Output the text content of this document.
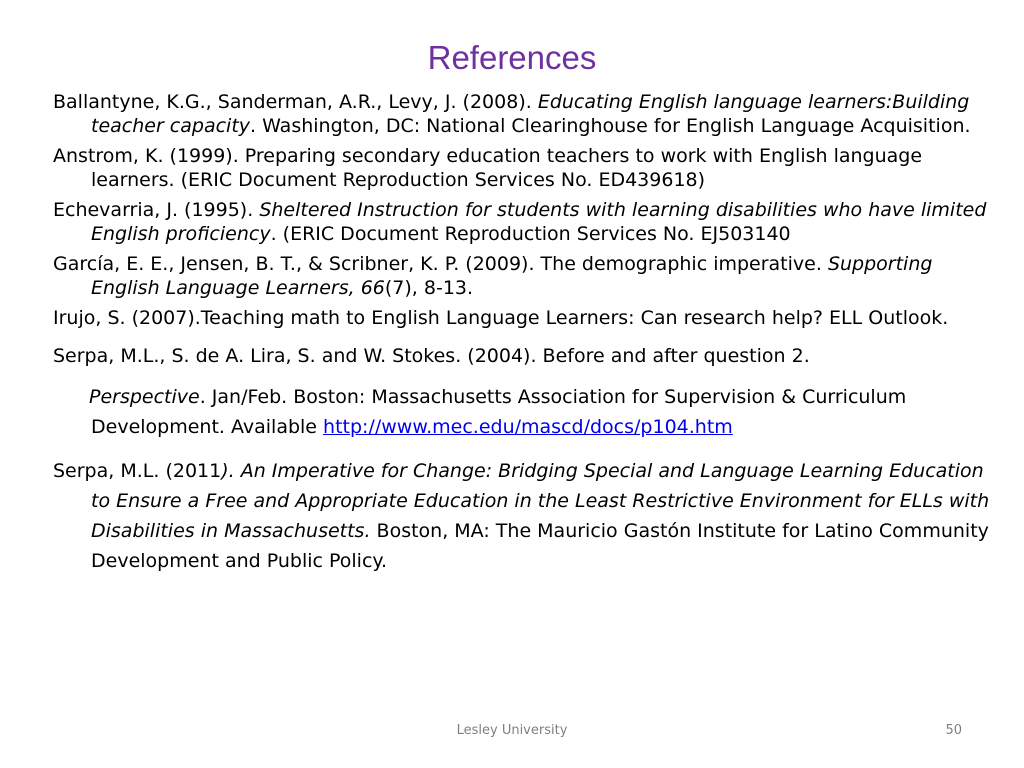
References

Ballantyne, K.G., Sanderman, A.R., Levy, J. (2008). Educating English language learners:Building teacher capacity. Washington, DC: National Clearinghouse for English Language Acquisition.

Anstrom, K. (1999). Preparing secondary education teachers to work with English language learners. (ERIC Document Reproduction Services No. ED439618)

Echevarria, J. (1995). Sheltered Instruction for students with learning disabilities who have limited English proficiency. (ERIC Document Reproduction Services No. EJ503140

García, E. E., Jensen, B. T., & Scribner, K. P. (2009). The demographic imperative. Supporting English Language Learners, 66(7), 8-13.

Irujo, S. (2007).Teaching math to English Language Learners: Can research help? ELL Outlook.

Serpa, M.L., S. de A. Lira, S. and W. Stokes. (2004). Before and after question 2.

Perspective. Jan/Feb. Boston: Massachusetts Association for Supervision & Curriculum Development. Available http://www.mec.edu/mascd/docs/p104.htm

Serpa, M.L. (2011). An Imperative for Change: Bridging Special and Language Learning Education to Ensure a Free and Appropriate Education in the Least Restrictive Environment for ELLs with Disabilities in Massachusetts. Boston, MA: The Mauricio Gastón Institute for Latino Community Development and Public Policy.

Lesley University	50
